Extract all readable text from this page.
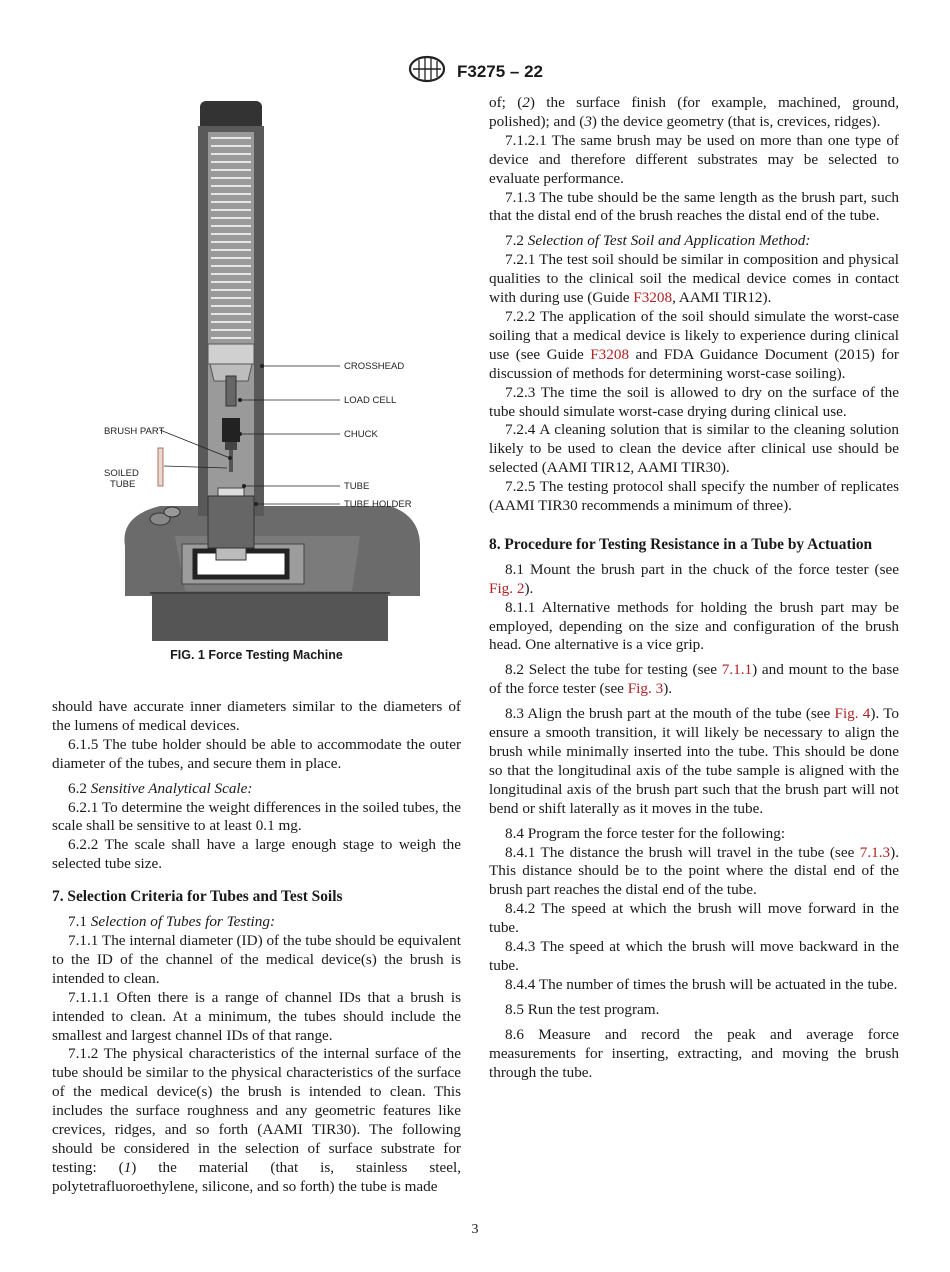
F3275 – 22
CROSSHEAD
LOAD CELL
CHUCK
BRUSH PART
SOILED
TUBE	TUBE
TUBE HOLDER
FIG. 1 Force Testing Machine

should have accurate inner diameters similar to the diameters of the lumens of medical devices.

6.1.5 The tube holder should be able to accommodate the outer diameter of the tubes, and secure them in place.

6.2 Sensitive Analytical Scale:

6.2.1 To determine the weight differences in the soiled tubes, the scale shall be sensitive to at least 0.1 mg.

6.2.2 The scale shall have a large enough stage to weigh the selected tube size.

7. Selection Criteria for Tubes and Test Soils

7.1 Selection of Tubes for Testing:

7.1.1 The internal diameter (ID) of the tube should be equivalent to the ID of the channel of the medical device(s) the brush is intended to clean.

7.1.1.1 Often there is a range of channel IDs that a brush is intended to clean. At a minimum, the tubes should include the smallest and largest channel IDs of that range.

7.1.2 The physical characteristics of the internal surface of the tube should be similar to the physical characteristics of the surface of the medical device(s) the brush is intended to clean. This includes the surface roughness and any geometric features like crevices, ridges, and so forth (AAMI TIR30). The following should be considered in the selection of surface substrate for testing: (1) the material (that is, stainless steel, polytetrafluoroethylene, silicone, and so forth) the tube is made

of; (2) the surface finish (for example, machined, ground, polished); and (3) the device geometry (that is, crevices, ridges).

7.1.2.1 The same brush may be used on more than one type of device and therefore different substrates may be selected to evaluate performance.

7.1.3 The tube should be the same length as the brush part, such that the distal end of the brush reaches the distal end of the tube.

7.2 Selection of Test Soil and Application Method:

7.2.1 The test soil should be similar in composition and physical qualities to the clinical soil the medical device comes in contact with during use (Guide F3208, AAMI TIR12).

7.2.2 The application of the soil should simulate the worst-case soiling that a medical device is likely to experience during clinical use (see Guide F3208 and FDA Guidance Document (2015) for discussion of methods for determining worst-case soiling).

7.2.3 The time the soil is allowed to dry on the surface of the tube should simulate worst-case drying during clinical use.

7.2.4 A cleaning solution that is similar to the cleaning solution likely to be used to clean the device after clinical use should be selected (AAMI TIR12, AAMI TIR30).

7.2.5 The testing protocol shall specify the number of replicates (AAMI TIR30 recommends a minimum of three).

8. Procedure for Testing Resistance in a Tube by Actuation

8.1 Mount the brush part in the chuck of the force tester (see Fig. 2).

8.1.1 Alternative methods for holding the brush part may be employed, depending on the size and configuration of the brush head. One alternative is a vice grip.

8.2 Select the tube for testing (see 7.1.1) and mount to the base of the force tester (see Fig. 3).

8.3 Align the brush part at the mouth of the tube (see Fig. 4). To ensure a smooth transition, it will likely be necessary to align the brush while minimally inserted into the tube. This should be done so that the longitudinal axis of the tube sample is aligned with the longitudinal axis of the brush part such that the brush part will not bend or shift laterally as it moves in the tube.

8.4 Program the force tester for the following:

8.4.1 The distance the brush will travel in the tube (see 7.1.3). This distance should be to the point where the distal end of the brush part reaches the distal end of the tube.

8.4.2 The speed at which the brush will move forward in the tube.

8.4.3 The speed at which the brush will move backward in the tube.

8.4.4 The number of times the brush will be actuated in the tube.

8.5 Run the test program.

8.6 Measure and record the peak and average force measurements for inserting, extracting, and moving the brush through the tube.

3
